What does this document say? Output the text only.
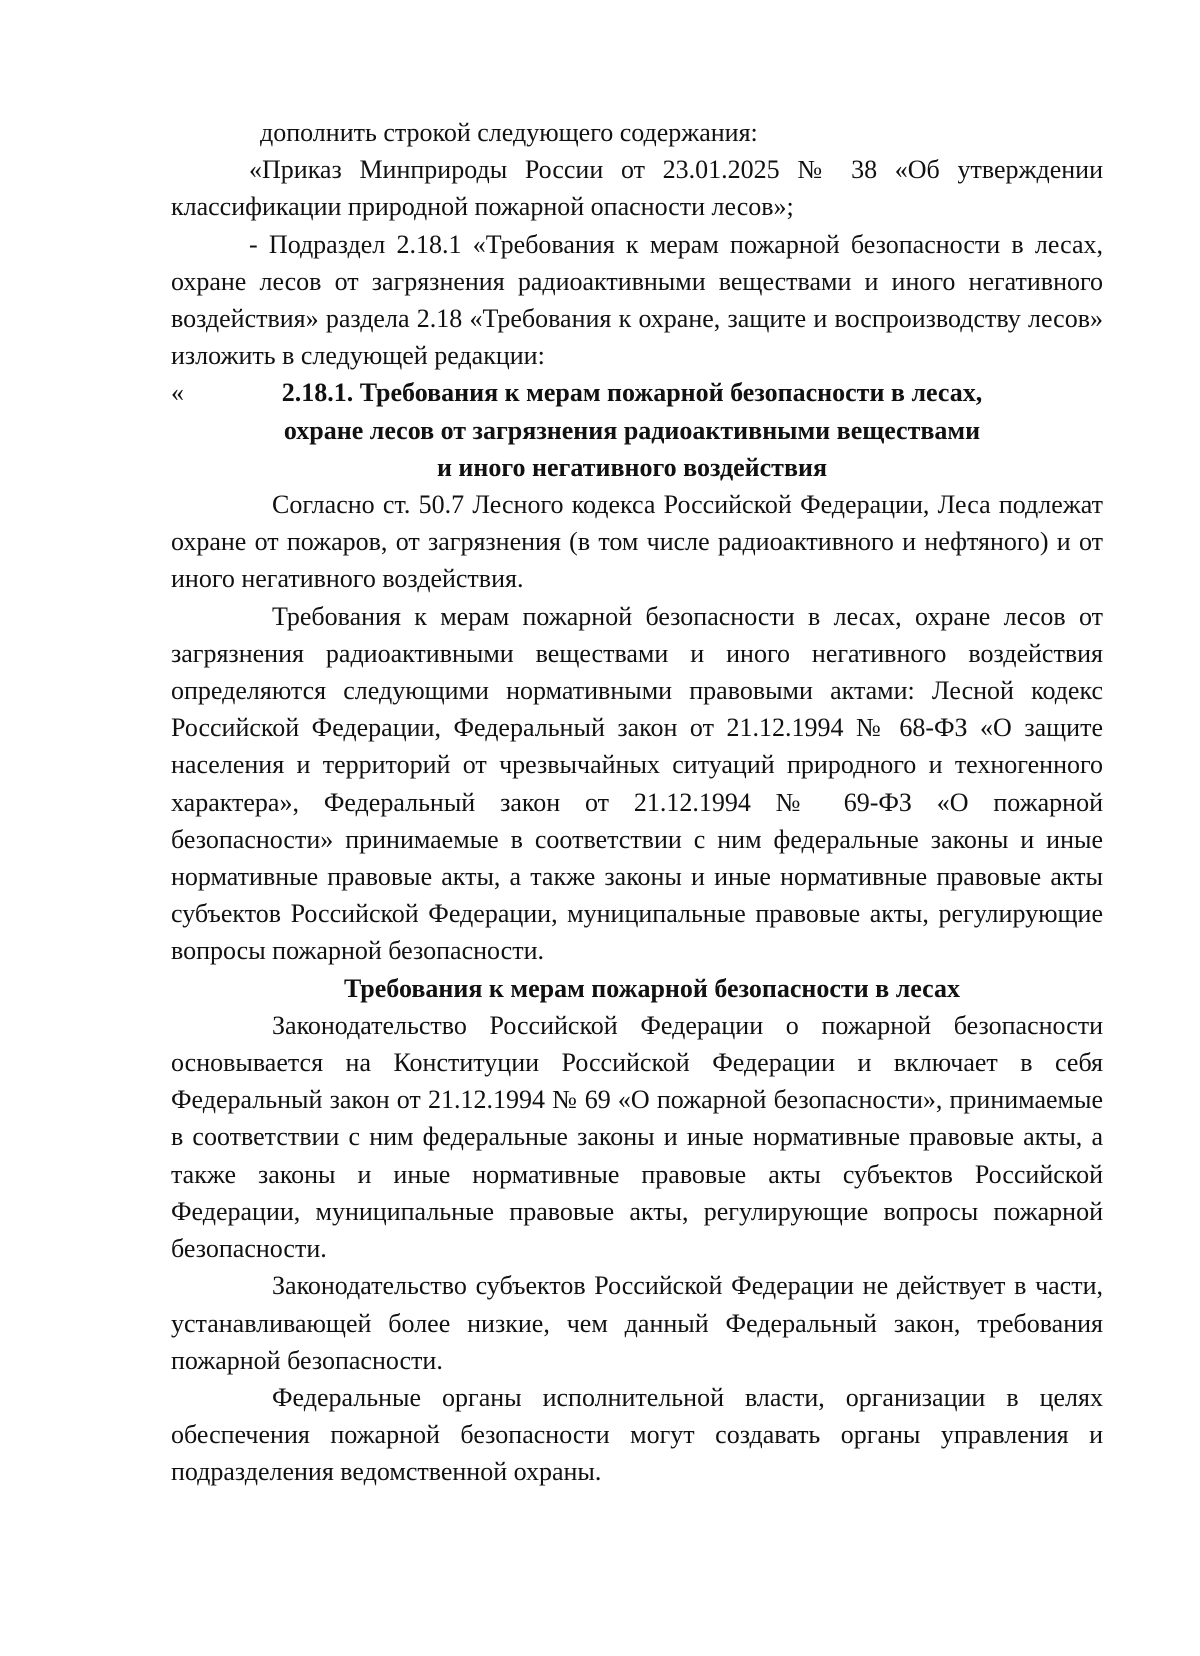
дополнить строкой следующего содержания:

«Приказ Минприроды России от 23.01.2025 № 38 «Об утверждении классификации природной пожарной опасности лесов»;

- Подраздел 2.18.1 «Требования к мерам пожарной безопасности в лесах, охране лесов от загрязнения радиоактивными веществами и иного негативного воздействия» раздела 2.18 «Требования к охране, защите и воспроизводству лесов» изложить в следующей редакции:

«	2.18.1. Требования к мерам пожарной безопасности в лесах,

охране лесов от загрязнения радиоактивными веществами

и иного негативного воздействия

Согласно ст. 50.7 Лесного кодекса Российской Федерации, Леса подлежат охране от пожаров, от загрязнения (в том числе радиоактивного и нефтяного) и от иного негативного воздействия.

Требования к мерам пожарной безопасности в лесах, охране лесов от загрязнения радиоактивными веществами и иного негативного воздействия определяются следующими нормативными правовыми актами: Лесной кодекс Российской Федерации, Федеральный закон от 21.12.1994 № 68-ФЗ «О защите населения и территорий от чрезвычайных ситуаций природного и техногенного характера», Федеральный закон от 21.12.1994 № 69-ФЗ «О пожарной безопасности» принимаемые в соответствии с ним федеральные законы и иные нормативные правовые акты, а также законы и иные нормативные правовые акты субъектов Российской Федерации, муниципальные правовые акты, регулирующие вопросы пожарной безопасности.

Требования к мерам пожарной безопасности в лесах

Законодательство Российской Федерации о пожарной безопасности основывается на Конституции Российской Федерации и включает в себя Федеральный закон от 21.12.1994 № 69 «О пожарной безопасности», принимаемые в соответствии с ним федеральные законы и иные нормативные правовые акты, а также законы и иные нормативные правовые акты субъектов Российской Федерации, муниципальные правовые акты, регулирующие вопросы пожарной безопасности.

Законодательство субъектов Российской Федерации не действует в части, устанавливающей более низкие, чем данный Федеральный закон, требования пожарной безопасности.

Федеральные органы исполнительной власти, организации в целях обеспечения пожарной безопасности могут создавать органы управления и подразделения ведомственной охраны.
